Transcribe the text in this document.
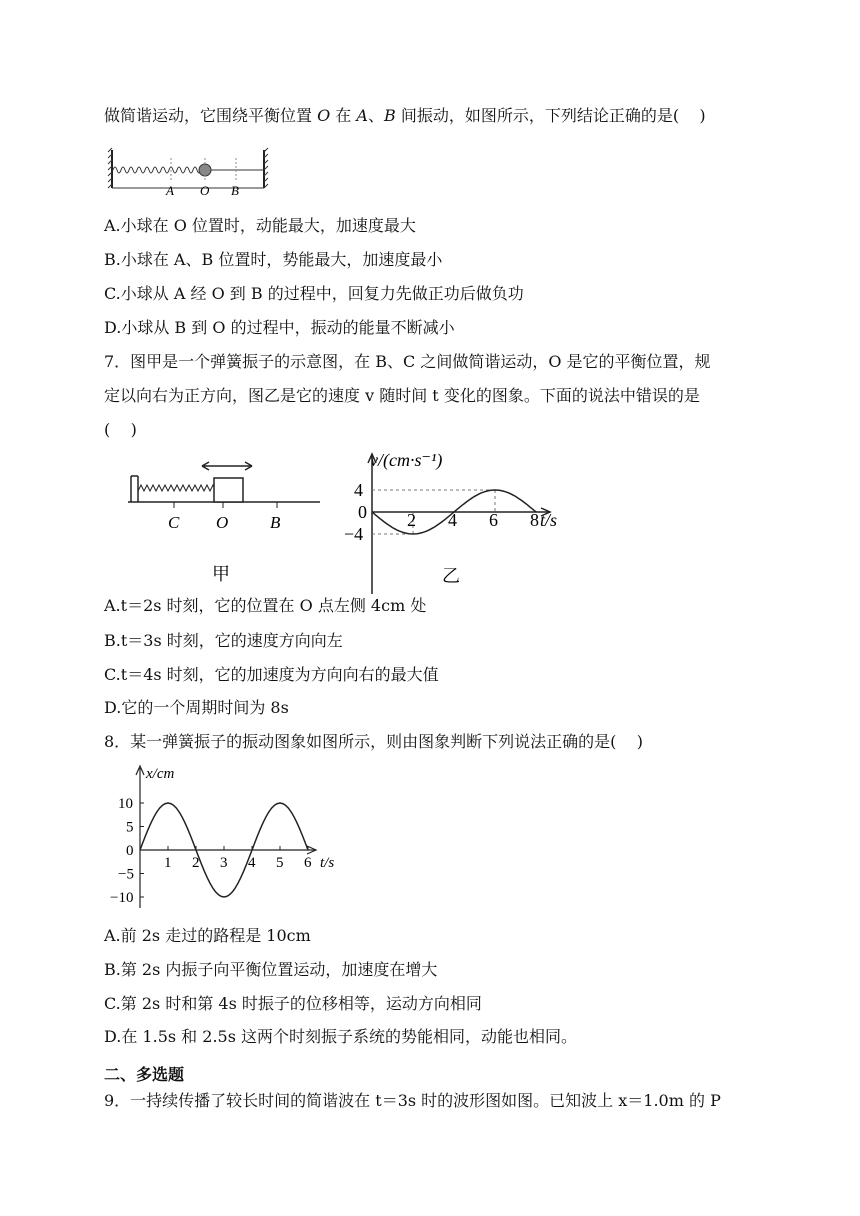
做简谐运动，它围绕平衡位置 O 在 A、B 间振动，如图所示，下列结论正确的是(    )
A O B
A.小球在 O 位置时，动能最大，加速度最大
B.小球在 A、B 位置时，势能最大，加速度最小
C.小球从 A 经 O 到 B 的过程中，回复力先做正功后做负功
D.小球从 B 到 O 的过程中，振动的能量不断减小
7．图甲是一个弹簧振子的示意图，在 B、C 之间做简谐运动，O 是它的平衡位置，规
定以向右为正方向，图乙是它的速度 v 随时间 t 变化的图象。下面的说法中错误的是
(    )
C O B
甲
v/(cm·s⁻¹)
t/s
乙
4
0
−4
2 4 6 8
A.t＝2s 时刻，它的位置在 O 点左侧 4cm 处
B.t＝3s 时刻，它的速度方向向左
C.t＝4s 时刻，它的加速度为方向向右的最大值
D.它的一个周期时间为 8s
8．某一弹簧振子的振动图象如图所示，则由图象判断下列说法正确的是(    )
x/cm
t/s
1 2 3 4 5 6
−10
−5
0
5
10
A.前 2s 走过的路程是 10cm
B.第 2s 内振子向平衡位置运动，加速度在增大
C.第 2s 时和第 4s 时振子的位移相等，运动方向相同
D.在 1.5s 和 2.5s 这两个时刻振子系统的势能相同，动能也相同。
二、多选题
9．一持续传播了较长时间的简谐波在 t＝3s 时的波形图如图。已知波上 x＝1.0m 的 P
